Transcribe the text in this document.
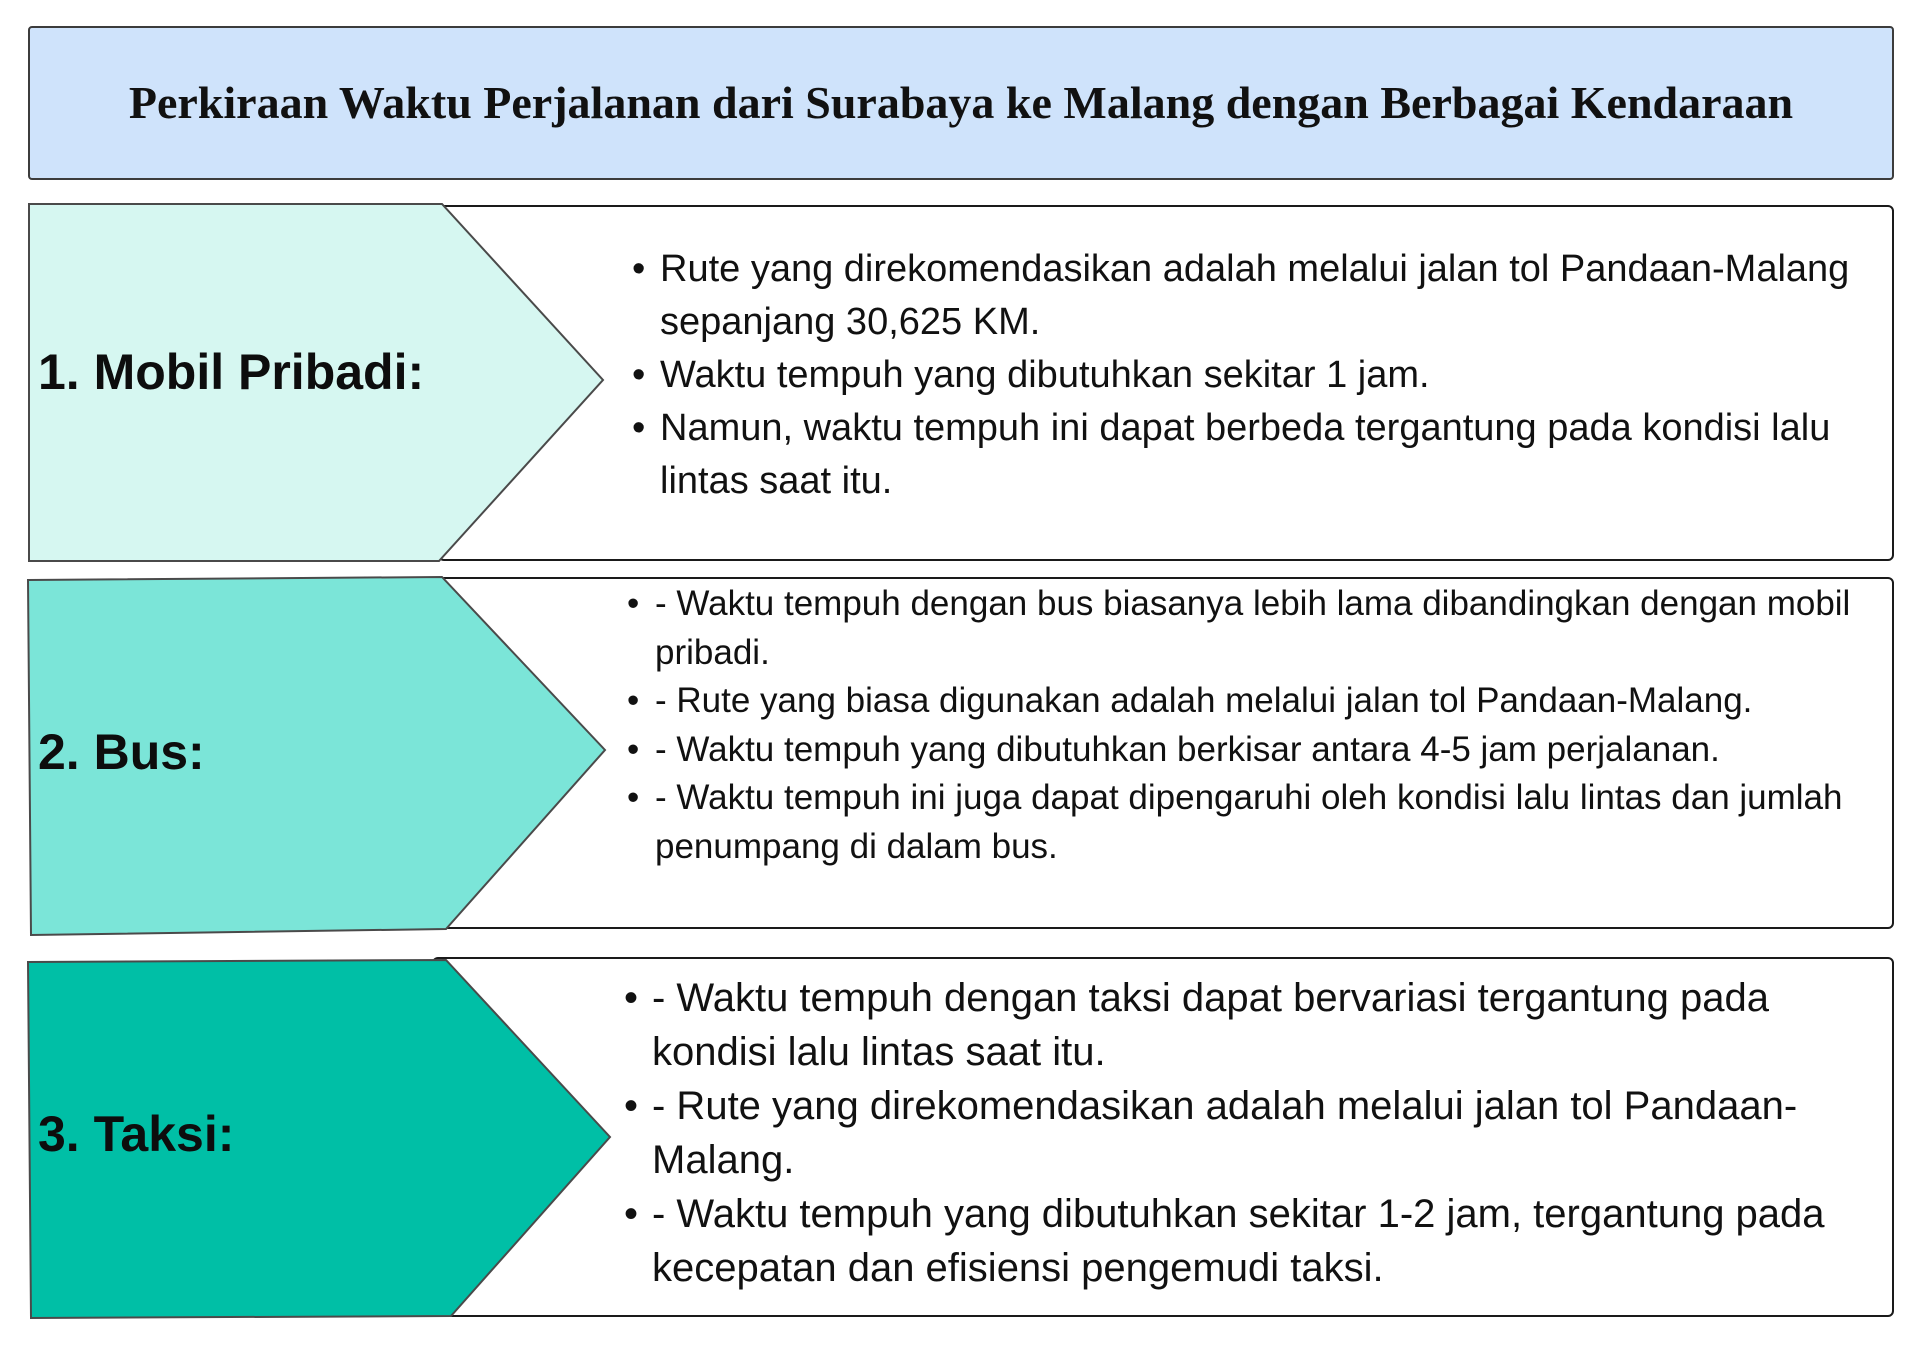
Perkiraan Waktu Perjalanan dari Surabaya ke Malang dengan Berbagai Kendaraan
1. Mobil Pribadi:
• Rute yang direkomendasikan adalah melalui jalan tol Pandaan-Malang sepanjang 30,625 KM.
• Waktu tempuh yang dibutuhkan sekitar 1 jam.
• Namun, waktu tempuh ini dapat berbeda tergantung pada kondisi lalu lintas saat itu.
2. Bus:
• - Waktu tempuh dengan bus biasanya lebih lama dibandingkan dengan mobil pribadi.
• - Rute yang biasa digunakan adalah melalui jalan tol Pandaan-Malang.
• - Waktu tempuh yang dibutuhkan berkisar antara 4-5 jam perjalanan.
• - Waktu tempuh ini juga dapat dipengaruhi oleh kondisi lalu lintas dan jumlah penumpang di dalam bus.
3. Taksi:
• - Waktu tempuh dengan taksi dapat bervariasi tergantung pada kondisi lalu lintas saat itu.
• - Rute yang direkomendasikan adalah melalui jalan tol Pandaan-Malang.
• - Waktu tempuh yang dibutuhkan sekitar 1-2 jam, tergantung pada kecepatan dan efisiensi pengemudi taksi.
